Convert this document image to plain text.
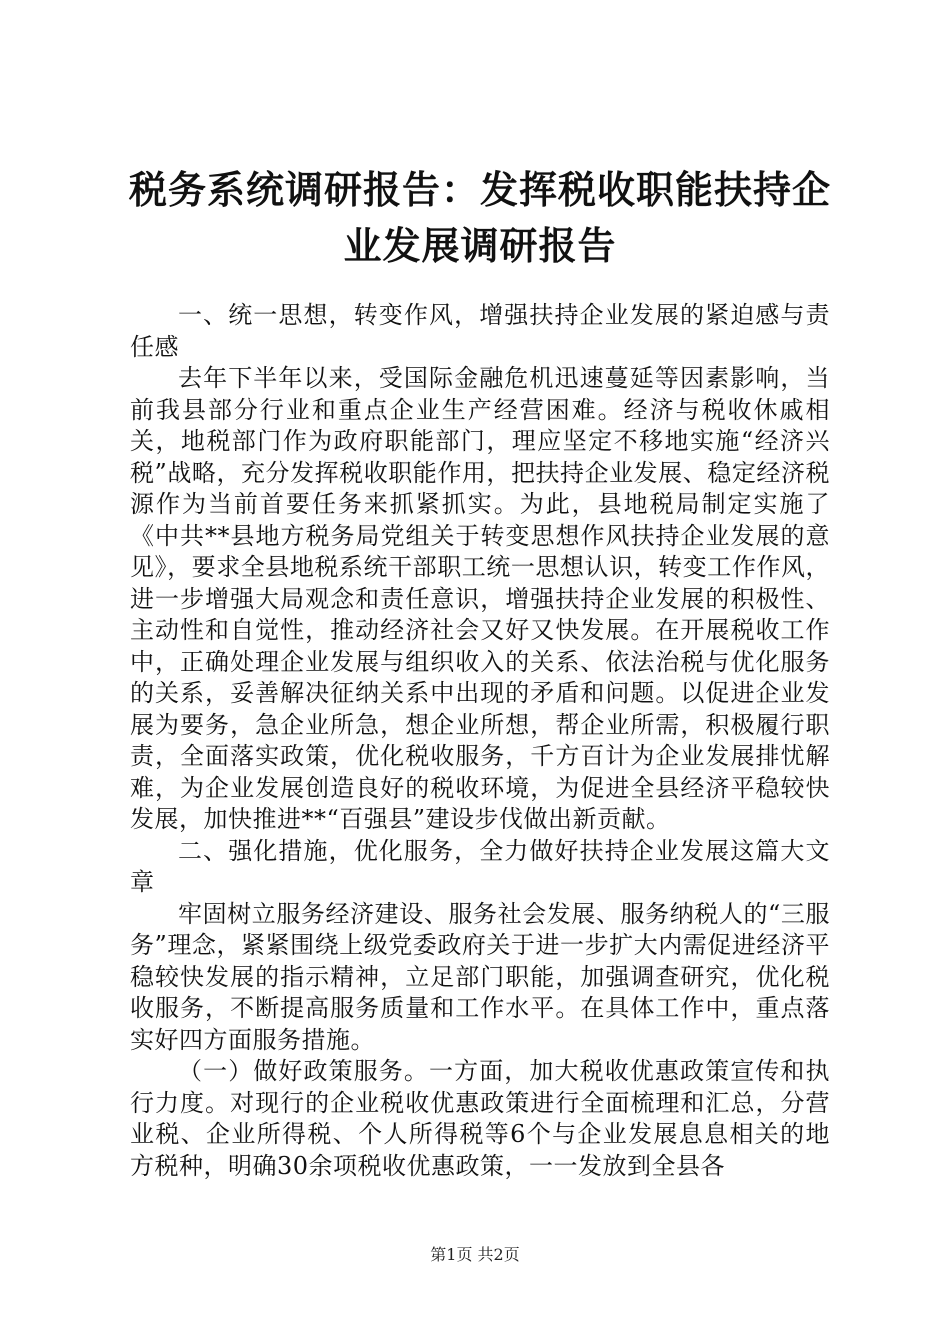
税务系统调研报告：发挥税收职能扶持企业发展调研报告

一、统一思想，转变作风，增强扶持企业发展的紧迫感与责任感

去年下半年以来，受国际金融危机迅速蔓延等因素影响，当前我县部分行业和重点企业生产经营困难。经济与税收休戚相关，地税部门作为政府职能部门，理应坚定不移地实施“经济兴税”战略，充分发挥税收职能作用，把扶持企业发展、稳定经济税源作为当前首要任务来抓紧抓实。为此，县地税局制定实施了《中共**县地方税务局党组关于转变思想作风扶持企业发展的意见》，要求全县地税系统干部职工统一思想认识，转变工作作风，进一步增强大局观念和责任意识，增强扶持企业发展的积极性、主动性和自觉性，推动经济社会又好又快发展。在开展税收工作中，正确处理企业发展与组织收入的关系、依法治税与优化服务的关系，妥善解决征纳关系中出现的矛盾和问题。以促进企业发展为要务，急企业所急，想企业所想，帮企业所需，积极履行职责，全面落实政策，优化税收服务，千方百计为企业发展排忧解难，为企业发展创造良好的税收环境，为促进全县经济平稳较快发展，加快推进**“百强县”建设步伐做出新贡献。

二、强化措施，优化服务，全力做好扶持企业发展这篇大文章

牢固树立服务经济建设、服务社会发展、服务纳税人的“三服务”理念，紧紧围绕上级党委政府关于进一步扩大内需促进经济平稳较快发展的指示精神，立足部门职能，加强调查研究，优化税收服务，不断提高服务质量和工作水平。在具体工作中，重点落实好四方面服务措施。

（一）做好政策服务。一方面，加大税收优惠政策宣传和执行力度。对现行的企业税收优惠政策进行全面梳理和汇总，分营业税、企业所得税、个人所得税等6个与企业发展息息相关的地方税种，明确30余项税收优惠政策，一一发放到全县各

第1页 共2页
